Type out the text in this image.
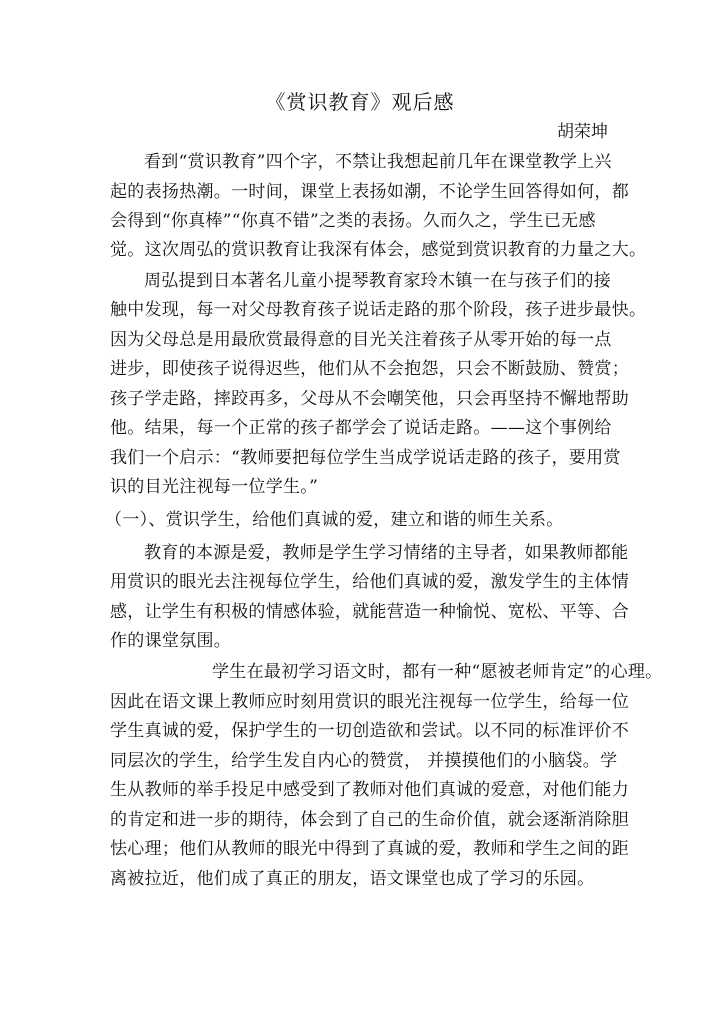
《赏识教育》观后感
胡荣坤
看到“赏识教育”四个字，不禁让我想起前几年在课堂教学上兴
起的表扬热潮。一时间，课堂上表扬如潮，不论学生回答得如何，都
会得到“你真棒”“你真不错”之类的表扬。久而久之，学生已无感
觉。这次周弘的赏识教育让我深有体会，感觉到赏识教育的力量之大。
周弘提到日本著名儿童小提琴教育家玲木镇一在与孩子们的接
触中发现，每一对父母教育孩子说话走路的那个阶段，孩子进步最快。
因为父母总是用最欣赏最得意的目光关注着孩子从零开始的每一点
进步，即使孩子说得迟些，他们从不会抱怨，只会不断鼓励、赞赏；
孩子学走路，摔跤再多，父母从不会嘲笑他，只会再坚持不懈地帮助
他。结果，每一个正常的孩子都学会了说话走路。——这个事例给
我们一个启示：“教师要把每位学生当成学说话走路的孩子，要用赏
识的目光注视每一位学生。”
（一）、赏识学生，给他们真诚的爱，建立和谐的师生关系。
教育的本源是爱，教师是学生学习情绪的主导者，如果教师都能
用赏识的眼光去注视每位学生，给他们真诚的爱，激发学生的主体情
感，让学生有积极的情感体验，就能营造一种愉悦、宽松、平等、合
作的课堂氛围。
学生在最初学习语文时，都有一种“愿被老师肯定”的心理。
因此在语文课上教师应时刻用赏识的眼光注视每一位学生，给每一位
学生真诚的爱，保护学生的一切创造欲和尝试。以不同的标准评价不
同层次的学生，给学生发自内心的赞赏， 并摸摸他们的小脑袋。学
生从教师的举手投足中感受到了教师对他们真诚的爱意，对他们能力
的肯定和进一步的期待，体会到了自己的生命价值，就会逐渐消除胆
怯心理；他们从教师的眼光中得到了真诚的爱，教师和学生之间的距
离被拉近，他们成了真正的朋友，语文课堂也成了学习的乐园。
